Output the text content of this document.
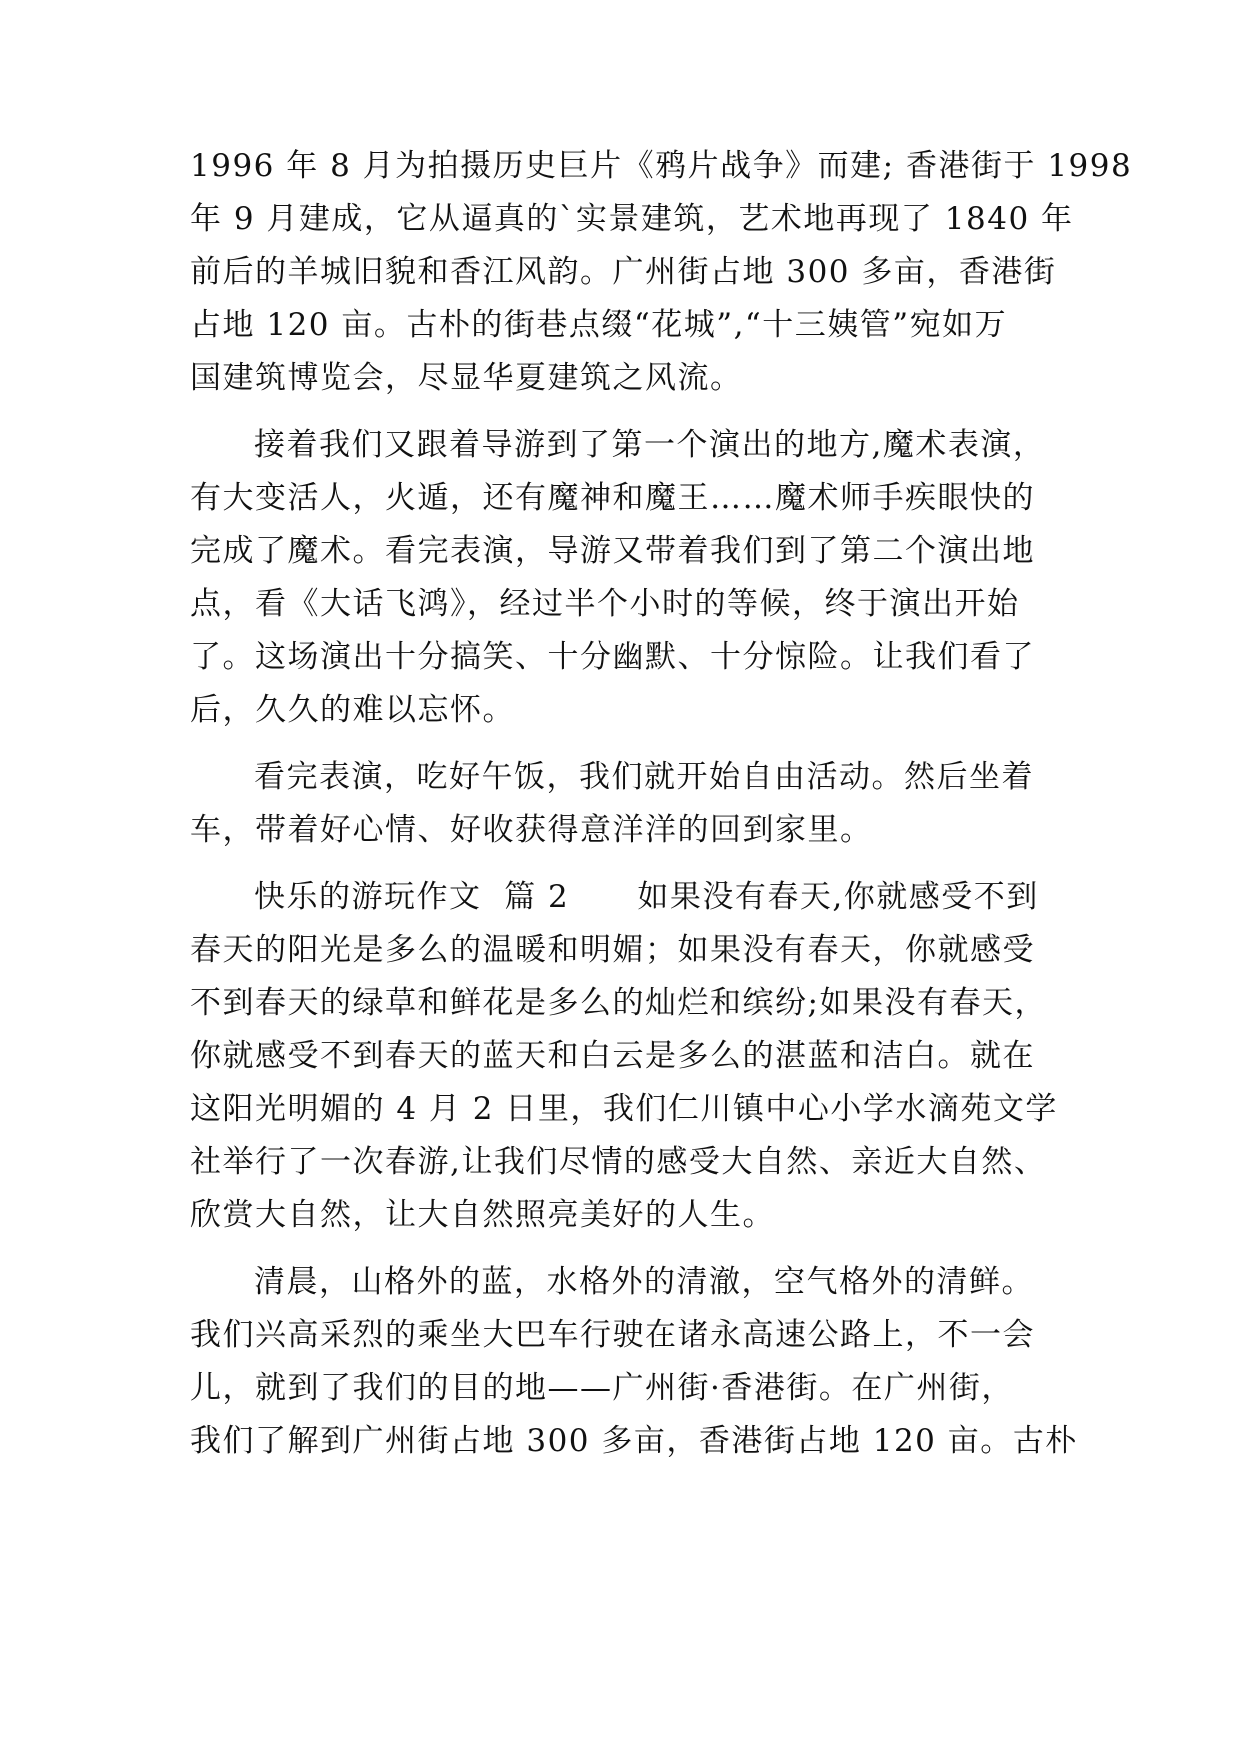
1996 年 8 月为拍摄历史巨片《鸦片战争》而建; 香港街于 1998
年 9 月建成，它从逼真的`实景建筑，艺术地再现了 1840 年
前后的羊城旧貌和香江风韵。广州街占地 300 多亩，香港街
占地 120 亩。古朴的街巷点缀“花城”,“十三姨管”宛如万
国建筑博览会，尽显华夏建筑之风流。
接着我们又跟着导游到了第一个演出的地方,魔术表演，
有大变活人，火遁，还有魔神和魔王……魔术师手疾眼快的
完成了魔术。看完表演，导游又带着我们到了第二个演出地
点，看《大话飞鸿》，经过半个小时的等候，终于演出开始
了。这场演出十分搞笑、十分幽默、十分惊险。让我们看了
后，久久的难以忘怀。
看完表演，吃好午饭，我们就开始自由活动。然后坐着
车，带着好心情、好收获得意洋洋的回到家里。
快乐的游玩作文  篇 2      如果没有春天,你就感受不到
春天的阳光是多么的温暖和明媚；如果没有春天，你就感受
不到春天的绿草和鲜花是多么的灿烂和缤纷;如果没有春天，
你就感受不到春天的蓝天和白云是多么的湛蓝和洁白。就在
这阳光明媚的 4 月 2 日里，我们仁川镇中心小学水滴苑文学
社举行了一次春游,让我们尽情的感受大自然、亲近大自然、
欣赏大自然，让大自然照亮美好的人生。
清晨，山格外的蓝，水格外的清澈，空气格外的清鲜。
我们兴高采烈的乘坐大巴车行驶在诸永高速公路上，不一会
儿，就到了我们的目的地——广州街·香港街。在广州街，
我们了解到广州街占地 300 多亩，香港街占地 120 亩。古朴
